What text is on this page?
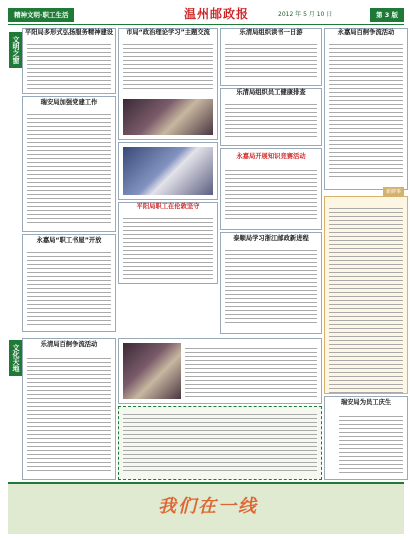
精神文明·职工生活	温州邮政报	2012 年 5 月 10 日	第 3 版
文明之窗
平阳局多形式弘扬服务精神建设
瑞安局加强党建工作
永嘉局“职工书屋”开放
市局“政治理论学习”主题交流
平阳局职工在伦敦坚守
乐清局组织读书一日游
乐清局组织员工健康排查
永嘉局开展知识竞赛活动
泰顺局学习浙江邮政新进程
永嘉局百舸争流活动
新鲜事
文化天地	乐清局百舸争流活动
瑞安局为员工庆生
我们在一线
